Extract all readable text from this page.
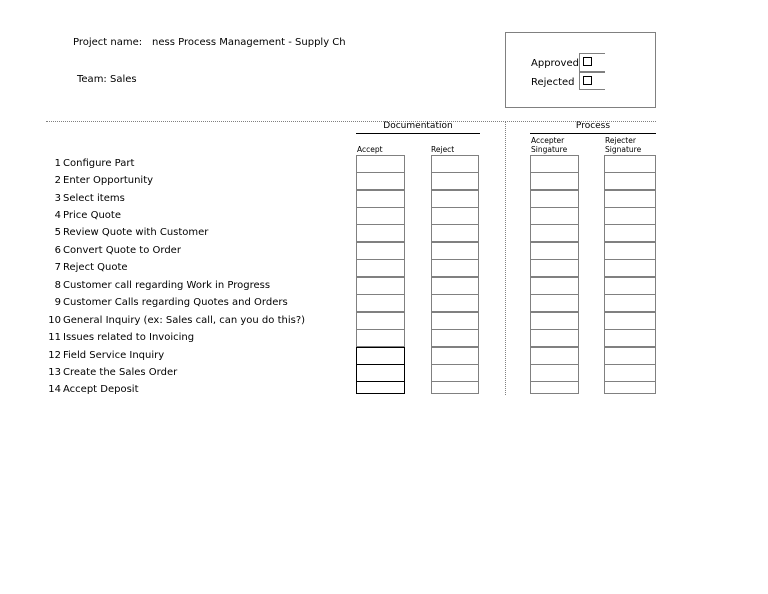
Project name: ness Process Management - Supply Ch
Team: Sales
Approved
Rejected
Documentation	Process
Accept	Reject
Accepter
Singature
Rejecter
Signature
1 Configure Part
2 Enter Opportunity
3 Select items
4 Price Quote
5 Review Quote with Customer
6 Convert Quote to Order
7 Reject Quote
8 Customer call regarding Work in Progress
9 Customer Calls regarding Quotes and Orders
10 General Inquiry (ex: Sales call, can you do this?)
11 Issues related to Invoicing
12 Field Service Inquiry
13 Create the Sales Order
14 Accept Deposit
